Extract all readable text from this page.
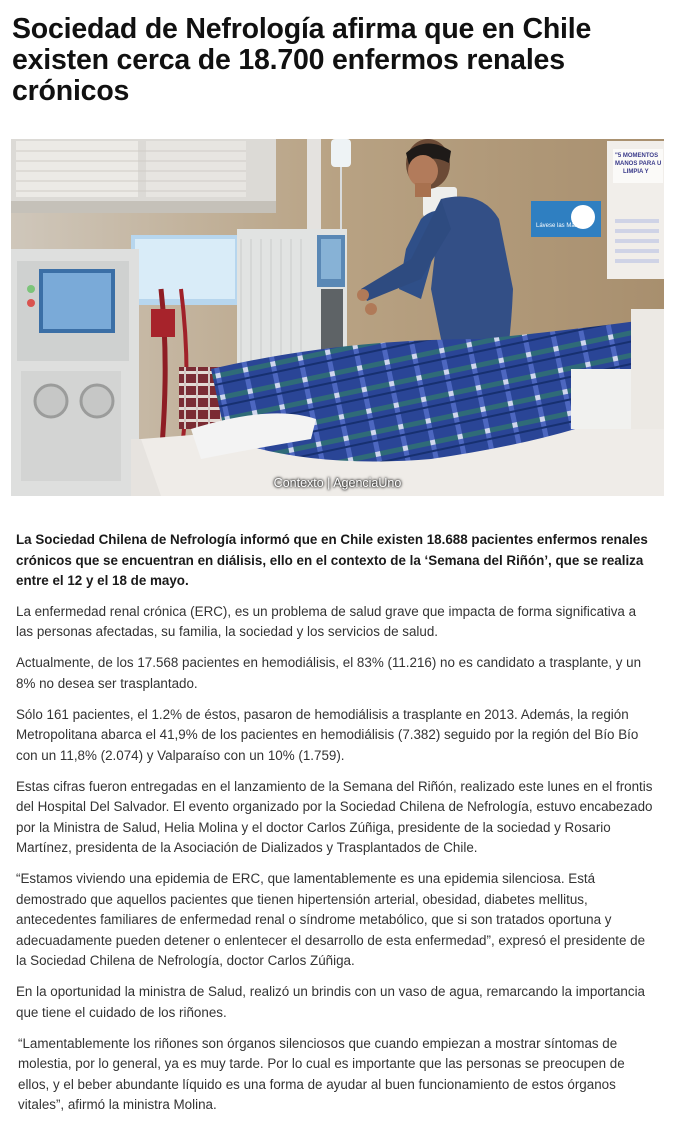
Sociedad de Nefrología afirma que en Chile existen cerca de 18.700 enfermos renales crónicos
"5 MOMENTOS
MANOS PARA U
LIMPIA Y
Lávese las Manos
Contexto | AgenciaUno

La Sociedad Chilena de Nefrología informó que en Chile existen 18.688 pacientes enfermos renales crónicos que se encuentran en diálisis, ello en el contexto de la ‘Semana del Riñón’, que se realiza entre el 12 y el 18 de mayo.

La enfermedad renal crónica (ERC), es un problema de salud grave que impacta de forma significativa a las personas afectadas, su familia, la sociedad y los servicios de salud.

Actualmente, de los 17.568 pacientes en hemodiálisis, el 83% (11.216) no es candidato a trasplante, y un 8% no desea ser trasplantado.

Sólo 161 pacientes, el 1.2% de éstos, pasaron de hemodiálisis a trasplante en 2013. Además, la región Metropolitana abarca el 41,9% de los pacientes en hemodiálisis (7.382) seguido por la región del Bío Bío con un 11,8% (2.074) y Valparaíso con un 10% (1.759).

Estas cifras fueron entregadas en el lanzamiento de la Semana del Riñón, realizado este lunes en el frontis del Hospital Del Salvador. El evento organizado por la Sociedad Chilena de Nefrología, estuvo encabezado por la Ministra de Salud, Helia Molina y el doctor Carlos Zúñiga, presidente de la sociedad y Rosario Martínez, presidenta de la Asociación de Dializados y Trasplantados de Chile.

“Estamos viviendo una epidemia de ERC, que lamentablemente es una epidemia silenciosa. Está demostrado que aquellos pacientes que tienen hipertensión arterial, obesidad, diabetes mellitus, antecedentes familiares de enfermedad renal o síndrome metabólico, que si son tratados oportuna y adecuadamente pueden detener o enlentecer el desarrollo de esta enfermedad”, expresó el presidente de la Sociedad Chilena de Nefrología, doctor Carlos Zúñiga.

En la oportunidad la ministra de Salud, realizó un brindis con un vaso de agua, remarcando la importancia que tiene el cuidado de los riñones.

“Lamentablemente los riñones son órganos silenciosos que cuando empiezan a mostrar síntomas de molestia, por lo general, ya es muy tarde. Por lo cual es importante que las personas se preocupen de ellos, y el beber abundante líquido es una forma de ayudar al buen funcionamiento de estos órganos vitales”, afirmó la ministra Molina.
